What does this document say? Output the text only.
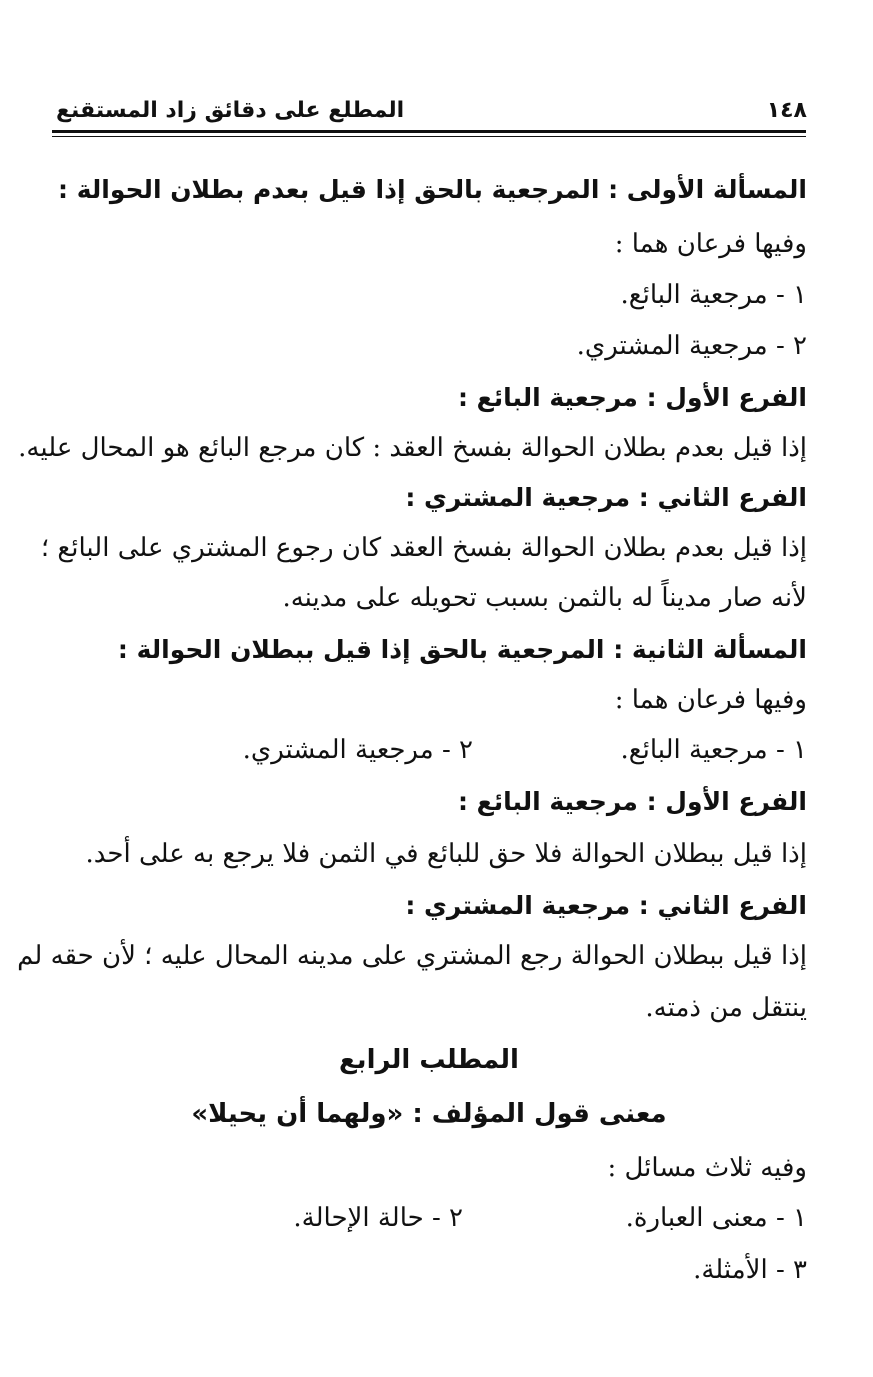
١٤٨
المطلع على دقائق زاد المستقنع

المسألة الأولى : المرجعية بالحق إذا قيل بعدم بطلان الحوالة :

وفيها فرعان هما :

١ - مرجعية البائع.

٢ - مرجعية المشتري.

الفرع الأول : مرجعية البائع :

إذا قيل بعدم بطلان الحوالة بفسخ العقد : كان مرجع البائع هو المحال عليه.

الفرع الثاني : مرجعية المشتري :

إذا قيل بعدم بطلان الحوالة بفسخ العقد كان رجوع المشتري على البائع ؛

لأنه صار مديناً له بالثمن بسبب تحويله على مدينه.

المسألة الثانية : المرجعية بالحق إذا قيل ببطلان الحوالة :

وفيها فرعان هما :

١ - مرجعية البائع.

٢ - مرجعية المشتري.

الفرع الأول : مرجعية البائع :

إذا قيل ببطلان الحوالة فلا حق للبائع في الثمن فلا يرجع به على أحد.

الفرع الثاني : مرجعية المشتري :

إذا قيل ببطلان الحوالة رجع المشتري على مدينه المحال عليه ؛ لأن حقه لم

ينتقل من ذمته.

المطلب الرابع

معنى قول المؤلف : «ولهما أن يحيلا»

وفيه ثلاث مسائل :

١ - معنى العبارة.

٢ - حالة الإحالة.

٣ - الأمثلة.
